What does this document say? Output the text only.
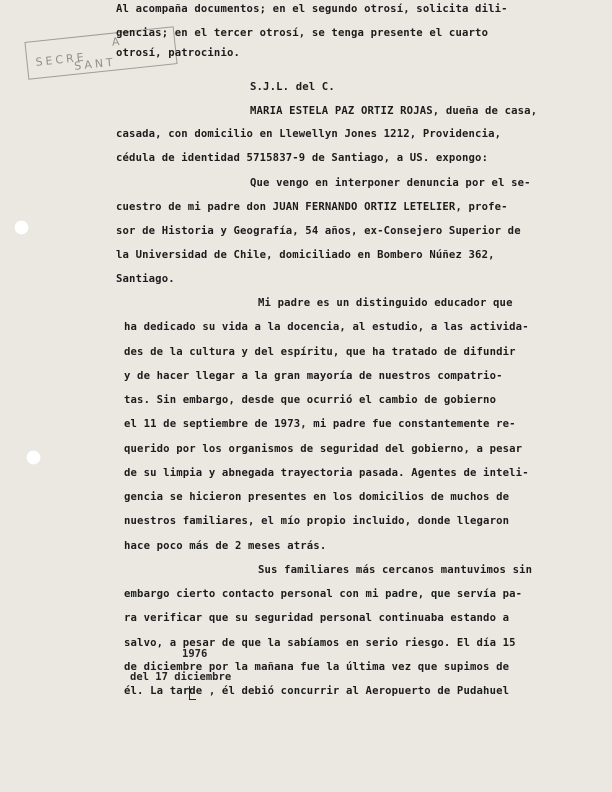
SECRE
A
SANT
Al acompaña documentos; en el segundo otrosí, solicita dili-
gencias; en el tercer otrosí, se tenga presente el cuarto
otrosí, patrocinio.
S.J.L. del C.
MARIA ESTELA PAZ ORTIZ ROJAS, dueña de casa,
casada, con domicilio en Llewellyn Jones 1212, Providencia,
cédula de identidad 5715837-9 de Santiago, a US. expongo:
Que vengo en interponer denuncia por el se-
cuestro de mi padre don JUAN FERNANDO ORTIZ LETELIER, profe-
sor de Historia y Geografía, 54 años, ex-Consejero Superior de
la Universidad de Chile, domiciliado en Bombero Núñez 362,
Santiago.
Mi padre es un distinguido educador que
ha dedicado su vida a la docencia, al estudio, a las activida-
des de la cultura y del espíritu, que ha tratado de difundir
y de hacer llegar a la gran mayoría de nuestros compatrio-
tas. Sin embargo, desde que ocurrió el cambio de gobierno
el 11 de septiembre de 1973, mi padre fue constantemente re-
querido por los organismos de seguridad del gobierno, a pesar
de su limpia y abnegada trayectoria pasada. Agentes de inteli-
gencia se hicieron presentes en los domicilios de muchos de
nuestros familiares, el mío propio incluido, donde llegaron
hace poco más de 2 meses atrás.
Sus familiares más cercanos mantuvimos sin
embargo cierto contacto personal con mi padre, que servía pa-
ra verificar que su seguridad personal continuaba estando a
salvo, a pesar de que la sabíamos en serio riesgo. El día 15
de diciembre por la mañana fue la última vez que supimos de
él. La tarde , él debió concurrir al Aeropuerto de Pudahuel
1976
del 17 diciembre
